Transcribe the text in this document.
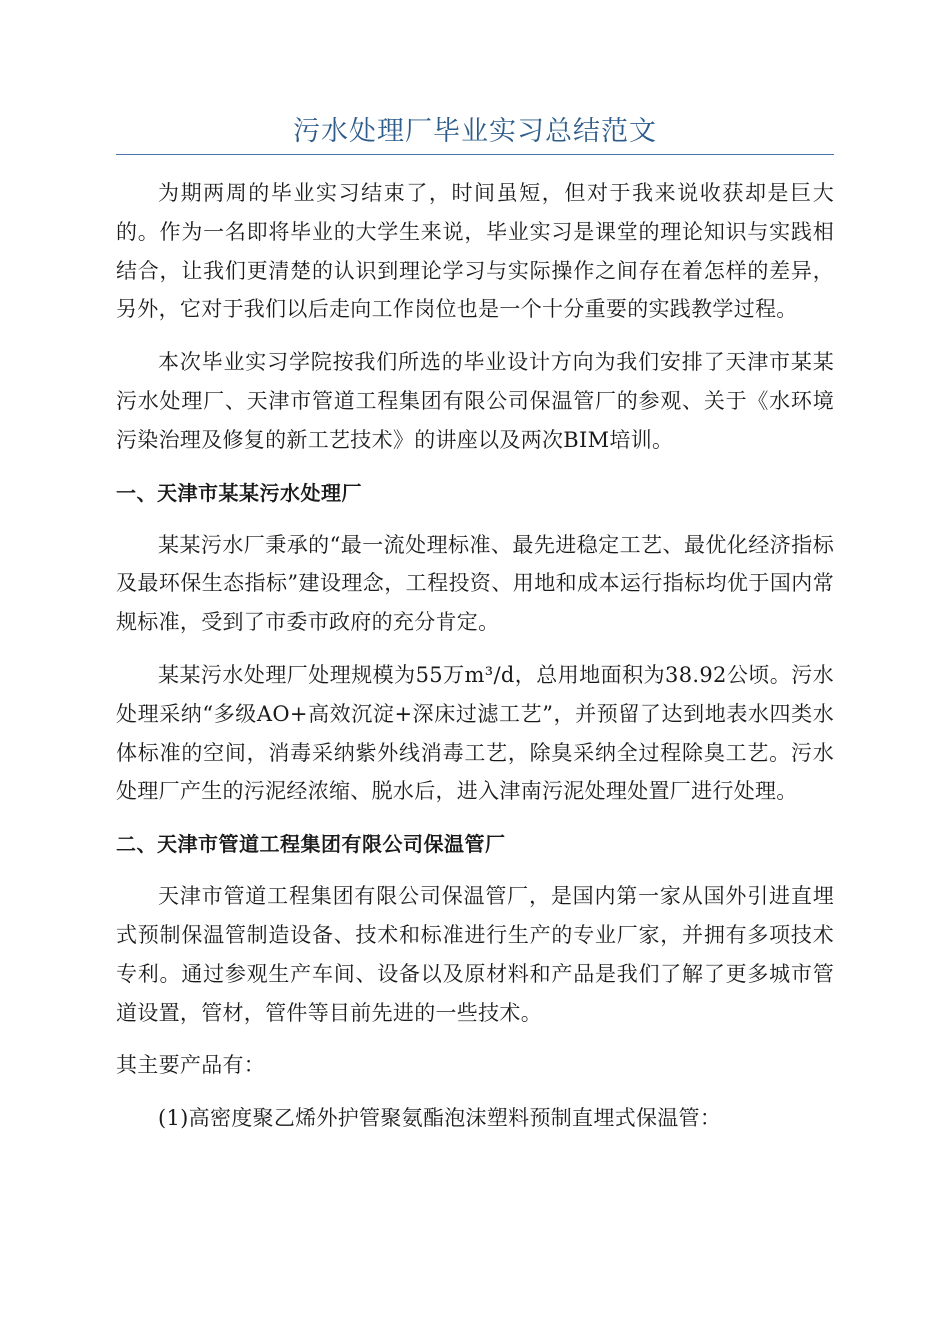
污水处理厂毕业实习总结范文

为期两周的毕业实习结束了，时间虽短，但对于我来说收获却是巨大的。作为一名即将毕业的大学生来说，毕业实习是课堂的理论知识与实践相结合，让我们更清楚的认识到理论学习与实际操作之间存在着怎样的差异，另外，它对于我们以后走向工作岗位也是一个十分重要的实践教学过程。

本次毕业实习学院按我们所选的毕业设计方向为我们安排了天津市某某污水处理厂、天津市管道工程集团有限公司保温管厂的参观、关于《水环境污染治理及修复的新工艺技术》的讲座以及两次BIM培训。

一、天津市某某污水处理厂

某某污水厂秉承的“最一流处理标准、最先进稳定工艺、最优化经济指标及最环保生态指标”建设理念，工程投资、用地和成本运行指标均优于国内常规标准，受到了市委市政府的充分肯定。

某某污水处理厂处理规模为55万m³/d，总用地面积为38.92公顷。污水处理采纳“多级AO+高效沉淀+深床过滤工艺”，并预留了达到地表水四类水体标准的空间，消毒采纳紫外线消毒工艺，除臭采纳全过程除臭工艺。污水处理厂产生的污泥经浓缩、脱水后，进入津南污泥处理处置厂进行处理。

二、天津市管道工程集团有限公司保温管厂

天津市管道工程集团有限公司保温管厂，是国内第一家从国外引进直埋式预制保温管制造设备、技术和标准进行生产的专业厂家，并拥有多项技术专利。通过参观生产车间、设备以及原材料和产品是我们了解了更多城市管道设置，管材，管件等目前先进的一些技术。

其主要产品有：

(1)高密度聚乙烯外护管聚氨酯泡沫塑料预制直埋式保温管：
